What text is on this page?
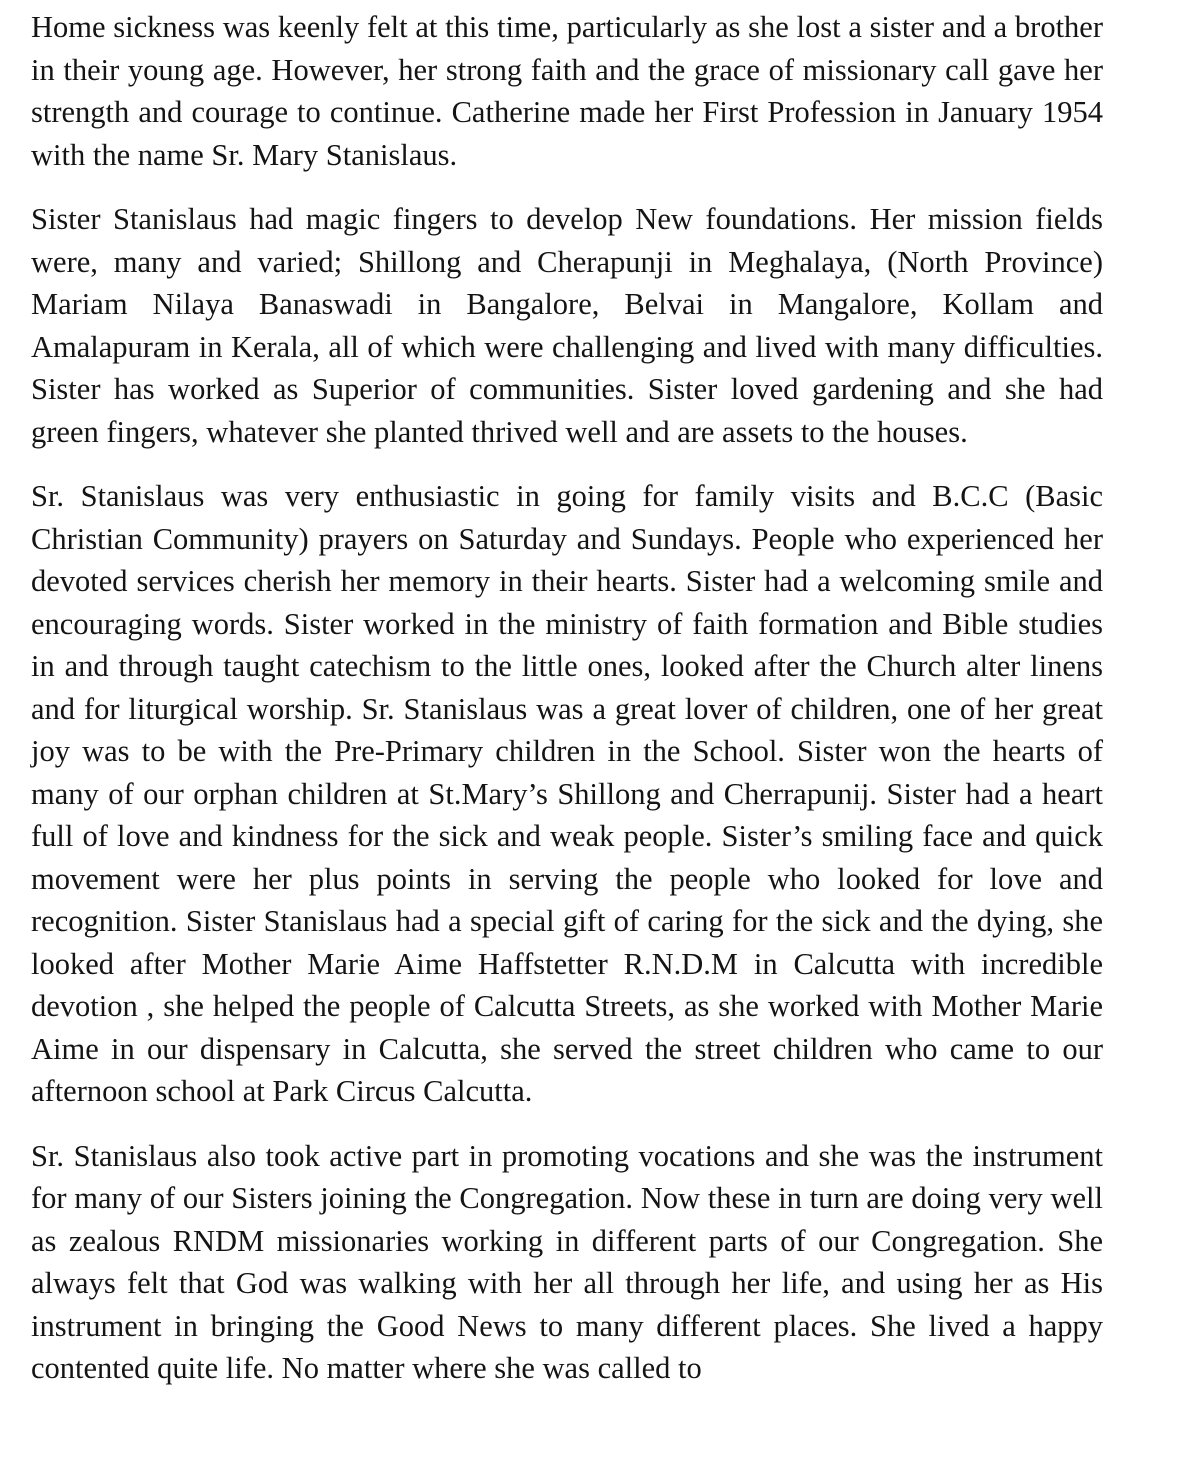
Home sickness was keenly felt at this time, particularly as she lost a sister and a brother in their young age. However, her strong faith and the grace of missionary call gave her strength and courage to continue. Catherine made her First Profession in January 1954 with the name Sr. Mary Stanislaus.

Sister Stanislaus had magic fingers to develop New foundations. Her mission fields were, many and varied; Shillong and Cherapunji in Meghalaya, (North Province) Mariam Nilaya Banaswadi in Bangalore, Belvai in Mangalore, Kollam and Amalapuram in Kerala, all of which were challenging and lived with many difficulties. Sister has worked as Superior of communities. Sister loved gardening and she had green fingers, whatever she planted thrived well and are assets to the houses.

Sr. Stanislaus was very enthusiastic in going for family visits and B.C.C (Basic Christian Community) prayers on Saturday and Sundays. People who experienced her devoted services cherish her memory in their hearts. Sister had a welcoming smile and encouraging words. Sister worked in the ministry of faith formation and Bible studies in and through taught catechism to the little ones, looked after the Church alter linens and for liturgical worship. Sr. Stanislaus was a great lover of children, one of her great joy was to be with the Pre-Primary children in the School. Sister won the hearts of many of our orphan children at St.Mary’s Shillong and Cherrapunij. Sister had a heart full of love and kindness for the sick and weak people. Sister’s smiling face and quick movement were her plus points in serving the people who looked for love and recognition. Sister Stanislaus had a special gift of caring for the sick and the dying, she looked after Mother Marie Aime Haffstetter R.N.D.M in Calcutta with incredible devotion , she helped the people of Calcutta Streets, as she worked with Mother Marie Aime in our dispensary in Calcutta, she served the street children who came to our afternoon school at Park Circus Calcutta.

Sr. Stanislaus also took active part in promoting vocations and she was the instrument for many of our Sisters joining the Congregation. Now these in turn are doing very well as zealous RNDM missionaries working in different parts of our Congregation. She always felt that God was walking with her all through her life, and using her as His instrument in bringing the Good News to many different places. She lived a happy contented quite life. No matter where she was called to
